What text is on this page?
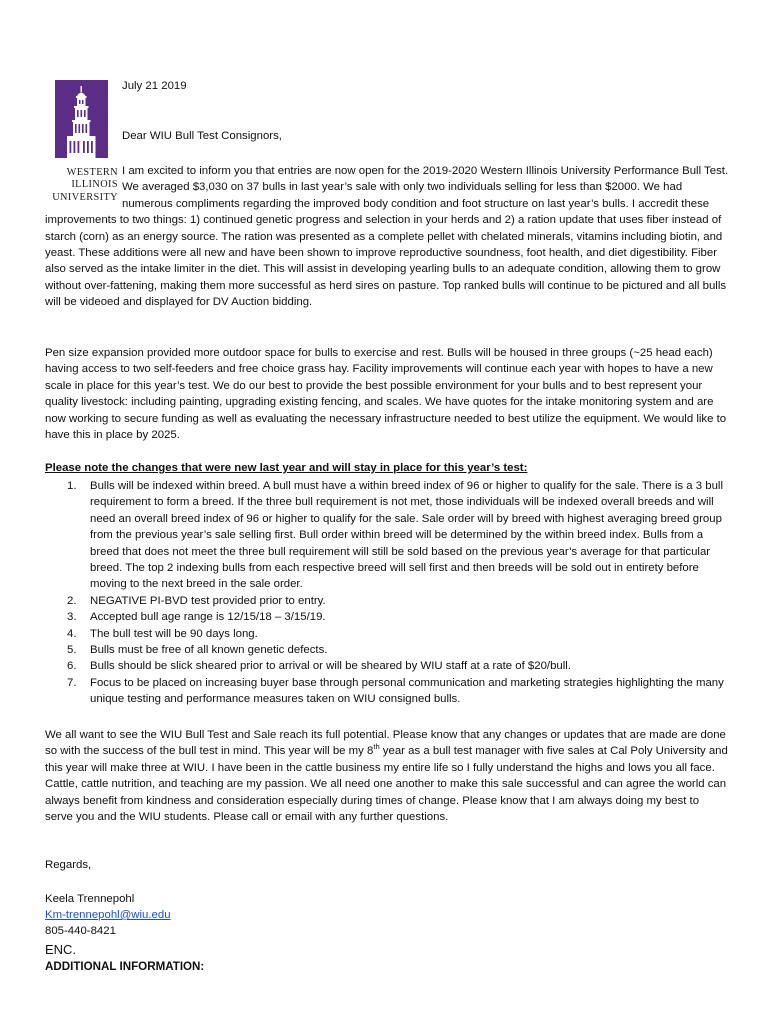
WESTERN
ILLINOIS
UNIVERSITY
July 21 2019
Dear WIU Bull Test Consignors,
I am excited to inform you that entries are now open for the 2019-2020 Western Illinois University Performance Bull Test. We averaged $3,030 on 37 bulls in last year’s sale with only two individuals selling for less than $2000. We had numerous compliments regarding the improved body condition and foot structure on last year’s bulls. I accredit these improvements to two things: 1) continued genetic progress and selection in your herds and 2) a ration update that uses fiber instead of starch (corn) as an energy source. The ration was presented as a complete pellet with chelated minerals, vitamins including biotin, and yeast. These additions were all new and have been shown to improve reproductive soundness, foot health, and diet digestibility. Fiber also served as the intake limiter in the diet. This will assist in developing yearling bulls to an adequate condition, allowing them to grow without over-fattening, making them more successful as herd sires on pasture. Top ranked bulls will continue to be pictured and all bulls will be videoed and displayed for DV Auction bidding.
Pen size expansion provided more outdoor space for bulls to exercise and rest. Bulls will be housed in three groups (~25 head each) having access to two self-feeders and free choice grass hay. Facility improvements will continue each year with hopes to have a new scale in place for this year’s test. We do our best to provide the best possible environment for your bulls and to best represent your quality livestock: including painting, upgrading existing fencing, and scales. We have quotes for the intake monitoring system and are now working to secure funding as well as evaluating the necessary infrastructure needed to best utilize the equipment. We would like to have this in place by 2025.
Please note the changes that were new last year and will stay in place for this year’s test:
1. Bulls will be indexed within breed. A bull must have a within breed index of 96 or higher to qualify for the sale. There is a 3 bull requirement to form a breed. If the three bull requirement is not met, those individuals will be indexed overall breeds and will need an overall breed index of 96 or higher to qualify for the sale. Sale order will by breed with highest averaging breed group from the previous year’s sale selling first. Bull order within breed will be determined by the within breed index. Bulls from a breed that does not meet the three bull requirement will still be sold based on the previous year’s average for that particular breed. The top 2 indexing bulls from each respective breed will sell first and then breeds will be sold out in entirety before moving to the next breed in the sale order.
2. NEGATIVE PI-BVD test provided prior to entry.
3. Accepted bull age range is 12/15/18 – 3/15/19.
4. The bull test will be 90 days long.
5. Bulls must be free of all known genetic defects.
6. Bulls should be slick sheared prior to arrival or will be sheared by WIU staff at a rate of $20/bull.
7. Focus to be placed on increasing buyer base through personal communication and marketing strategies highlighting the many unique testing and performance measures taken on WIU consigned bulls.
We all want to see the WIU Bull Test and Sale reach its full potential. Please know that any changes or updates that are made are done so with the success of the bull test in mind. This year will be my 8th year as a bull test manager with five sales at Cal Poly University and this year will make three at WIU. I have been in the cattle business my entire life so I fully understand the highs and lows you all face. Cattle, cattle nutrition, and teaching are my passion. We all need one another to make this sale successful and can agree the world can always benefit from kindness and consideration especially during times of change. Please know that I am always doing my best to serve you and the WIU students. Please call or email with any further questions.
Regards,
Keela Trennepohl
Km-trennepohl@wiu.edu
805-440-8421
ENC.
ADDITIONAL INFORMATION:
